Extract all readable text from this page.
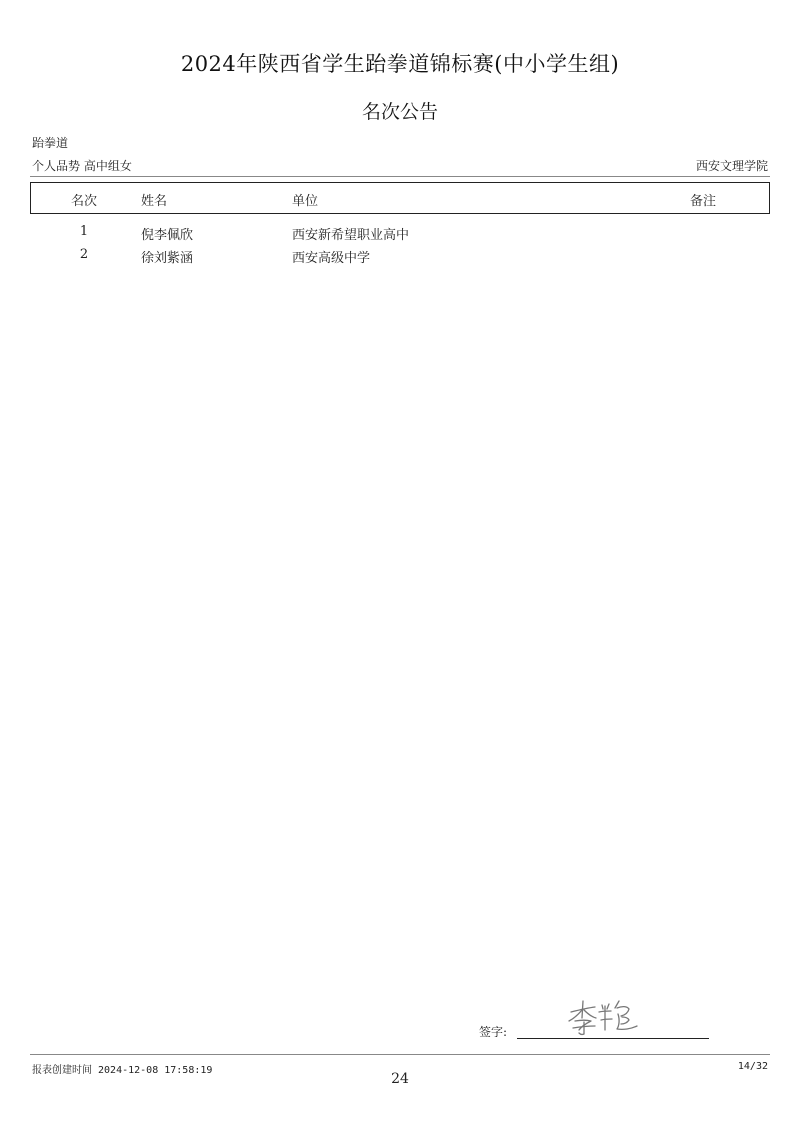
2024年陕西省学生跆拳道锦标赛(中小学生组)
名次公告
跆拳道
个人品势 高中组女	西安文理学院
名次	姓名	单位	备注
1	倪李佩欣	西安新希望职业高中
2	徐刘紫涵	西安高级中学
签字:
报表创建时间 2024-12-08 17:58:19	14/32
24
